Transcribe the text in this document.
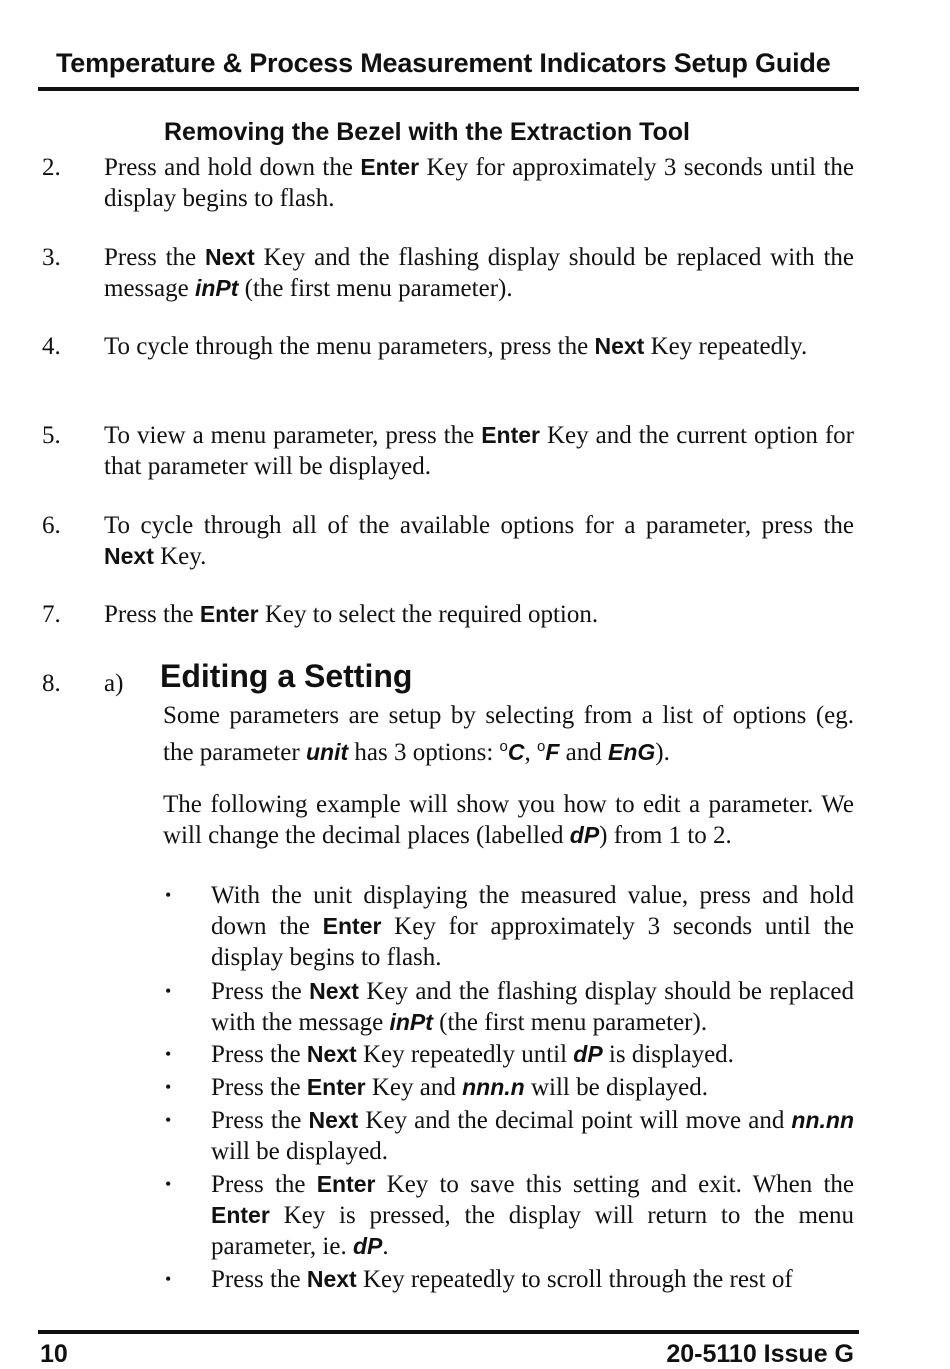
Temperature & Process Measurement Indicators Setup Guide
Removing the Bezel with the Extraction Tool
2. Press and hold down the Enter Key for approximately 3 seconds until the display begins to flash.
3. Press the Next Key and the flashing display should be replaced with the message inPt (the first menu parameter).
4. To cycle through the menu parameters, press the Next Key repeatedly.
5. To view a menu parameter, press the Enter Key and the current option for that parameter will be displayed.
6. To cycle through all of the available options for a parameter, press the Next Key.
7. Press the Enter Key to select the required option.
8. a) Editing a Setting
Some parameters are setup by selecting from a list of options (eg. the parameter unit has 3 options: $^o$C, $^o$F and EnG).
The following example will show you how to edit a parameter. We will change the decimal places (labelled dP) from 1 to 2.
• With the unit displaying the measured value, press and hold down the Enter Key for approximately 3 seconds until the display begins to flash.
• Press the Next Key and the flashing display should be replaced with the message inPt (the first menu parameter).
• Press the Next Key repeatedly until dP is displayed.
• Press the Enter Key and nnn.n will be displayed.
• Press the Next Key and the decimal point will move and nn.nn will be displayed.
• Press the Enter Key to save this setting and exit. When the Enter Key is pressed, the display will return to the menu parameter, ie. dP.
• Press the Next Key repeatedly to scroll through the rest of
10	20-5110 Issue G
